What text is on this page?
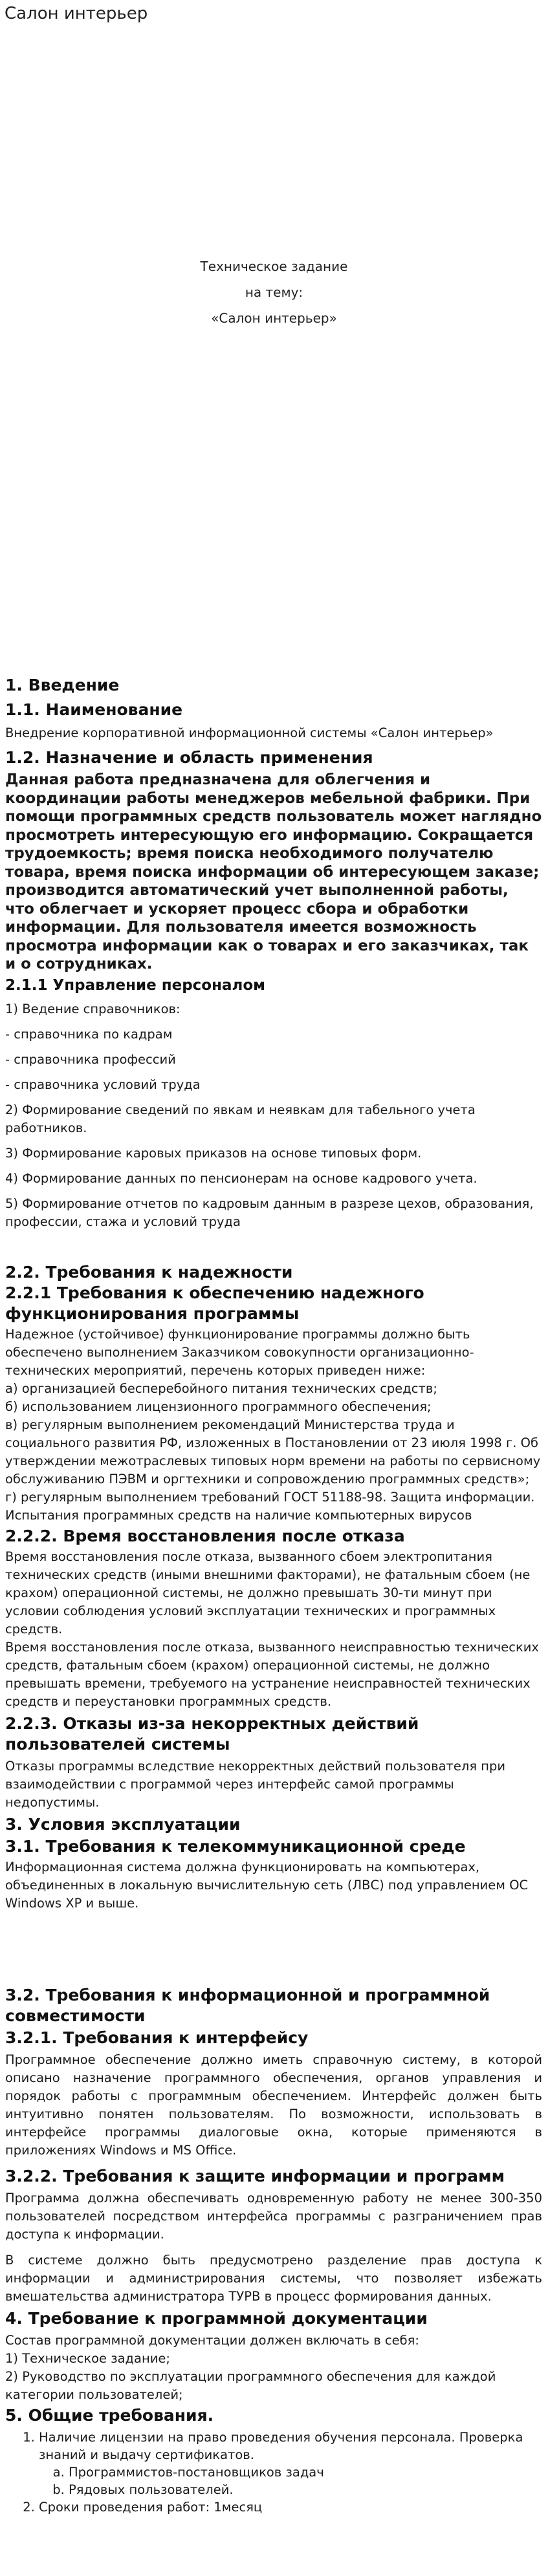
Салон интерьер

Техническое задание

на тему:

«Салон интерьер»

1. Введение
1.1. Наименование

Внедрение корпоративной информационной системы «Салон интерьер»

1.2. Назначение и область применения

Данная работа предназначена для облегчения и координации работы менеджеров мебельной фабрики. При помощи программных средств пользователь может наглядно просмотреть интересующую его информацию. Сокращается трудоемкость; время поиска необходимого получателю товара, время поиска информации об интересующем заказе; производится автоматический учет выполненной работы, что облегчает и ускоряет процесс сбора и обработки информации. Для пользователя имеется возможность просмотра информации как о товарах и его заказчиках, так и о сотрудниках.

2.1.1 Управление персоналом

1) Ведение справочников:

- справочника по кадрам

- справочника профессий

- справочника условий труда

2) Формирование сведений по явкам и неявкам для табельного учета работников.

3) Формирование каровых приказов на основе типовых форм.

4) Формирование данных по пенсионерам на основе кадрового учета.

5) Формирование отчетов по кадровым данным в разрезе цехов, образования, профессии, стажа и условий труда

2.2. Требования к надежности
2.2.1 Требования к обеспечению надежного функционирования программы

Надежное (устойчивое) функционирование программы должно быть обеспечено выполнением Заказчиком совокупности организационно-технических мероприятий, перечень которых приведен ниже:

а) организацией бесперебойного питания технических средств;

б) использованием лицензионного программного обеспечения;

в) регулярным выполнением рекомендаций Министерства труда и социального развития РФ, изложенных в Постановлении от 23 июля 1998 г. Об утверждении межотраслевых типовых норм времени на работы по сервисному обслуживанию ПЭВМ и оргтехники и сопровождению программных средств»;

г) регулярным выполнением требований ГОСТ 51188-98. Защита информации. Испытания программных средств на наличие компьютерных вирусов

2.2.2. Время восстановления после отказа

Время восстановления после отказа, вызванного сбоем электропитания технических средств (иными внешними факторами), не фатальным сбоем (не крахом) операционной системы, не должно превышать 30-ти минут при условии соблюдения условий эксплуатации технических и программных средств.

Время восстановления после отказа, вызванного неисправностью технических средств, фатальным сбоем (крахом) операционной системы, не должно превышать времени, требуемого на устранение неисправностей технических средств и переустановки программных средств.

2.2.3. Отказы из-за некорректных действий пользователей системы

Отказы программы вследствие некорректных действий пользователя при взаимодействии с программой через интерфейс самой программы недопустимы.

3. Условия эксплуатации
3.1. Требования к телекоммуникационной среде

Информационная система должна функционировать на компьютерах, объединенных в локальную вычислительную сеть (ЛВС) под управлением ОС Windows XP и выше.

3.2. Требования к информационной и программной совместимости
3.2.1. Требования к интерфейсу

Программное обеспечение должно иметь справочную систему, в которой описано назначение программного обеспечения, органов управления и порядок работы с программным обеспечением. Интерфейс должен быть интуитивно понятен пользователям. По возможности, использовать в интерфейсе программы диалоговые окна, которые применяются в приложениях Windows и MS Office.

3.2.2. Требования к защите информации и программ

Программа должна обеспечивать одновременную работу не менее 300-350 пользователей посредством интерфейса программы с разграничением прав доступа к информации.

В системе должно быть предусмотрено разделение прав доступа к информации и администрирования системы, что позволяет избежать вмешательства администратора ТУРВ в процесс формирования данных.

4. Требование к программной документации

Состав программной документации должен включать в себя:

1) Техническое задание;

2) Руководство по эксплуатации программного обеспечения для каждой категории пользователей;

5. Общие требования.
1. Наличие лицензии на право проведения обучения персонала. Проверка знаний и выдачу сертификатов.
a. Программистов-постановщиков задач
b. Рядовых пользователей.
2. Сроки проведения работ: 1месяц
